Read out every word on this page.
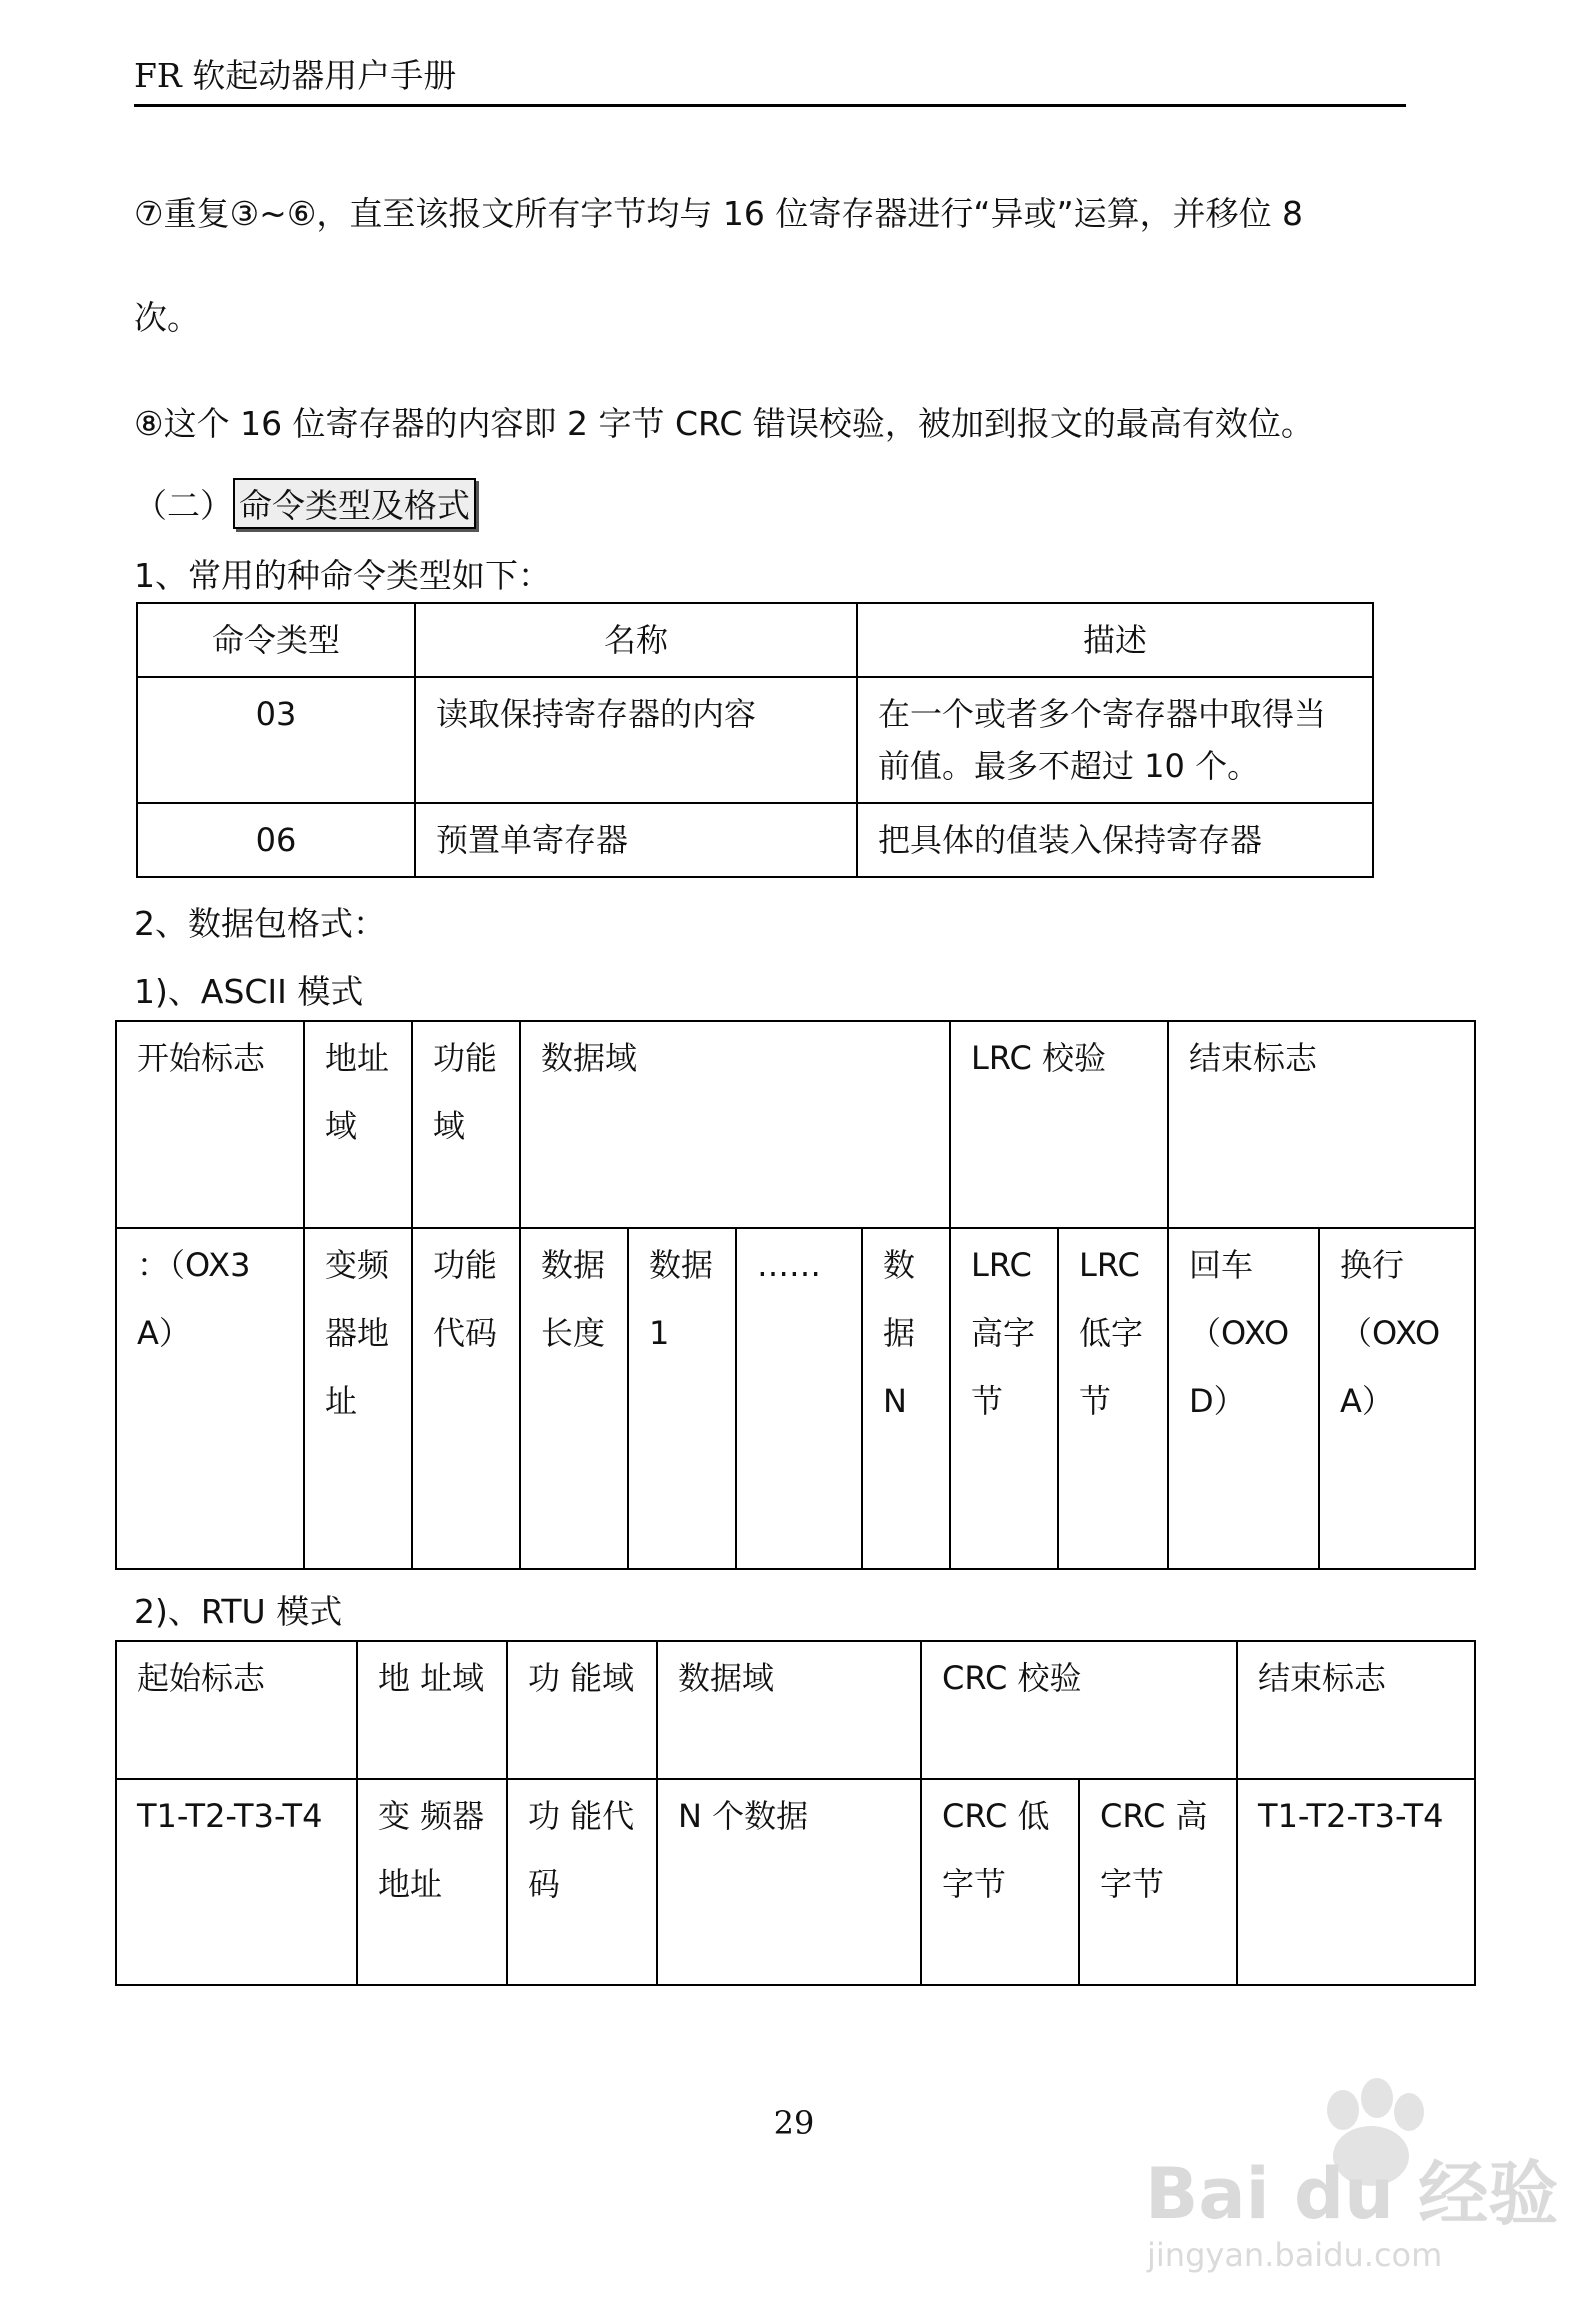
FR 软起动器用户手册
⑦重复③~⑥，直至该报文所有字节均与 16 位寄存器进行“异或”运算，并移位 8
次。
⑧这个 16 位寄存器的内容即 2 字节 CRC 错误校验，被加到报文的最高有效位。
（二） 命令类型及格式
1、常用的种命令类型如下：
命令类型	名称	描述
03	读取保持寄存器的内容	在一个或者多个寄存器中取得当前值。最多不超过 10 个。
06	预置单寄存器	把具体的值装入保持寄存器
2、数据包格式：
1)、ASCII 模式
开始标志	地址域	功能域	数据域				LRC 校验		结束标志	
：（OX3A）	变频器地址	功能代码	数据长度	数据 1	……	数据 N	LRC 高字节	LRC 低字节	回车（OXOD）	换行（OXOA）
2)、RTU 模式
起始标志	地 址域	功 能域	数据域	CRC 校验		结束标志
T1-T2-T3-T4	变 频器 地址	功 能代码	N 个数据	CRC 低字节	CRC 高字节	T1-T2-T3-T4
29
Bai du 经验
jingyan.baidu.com
